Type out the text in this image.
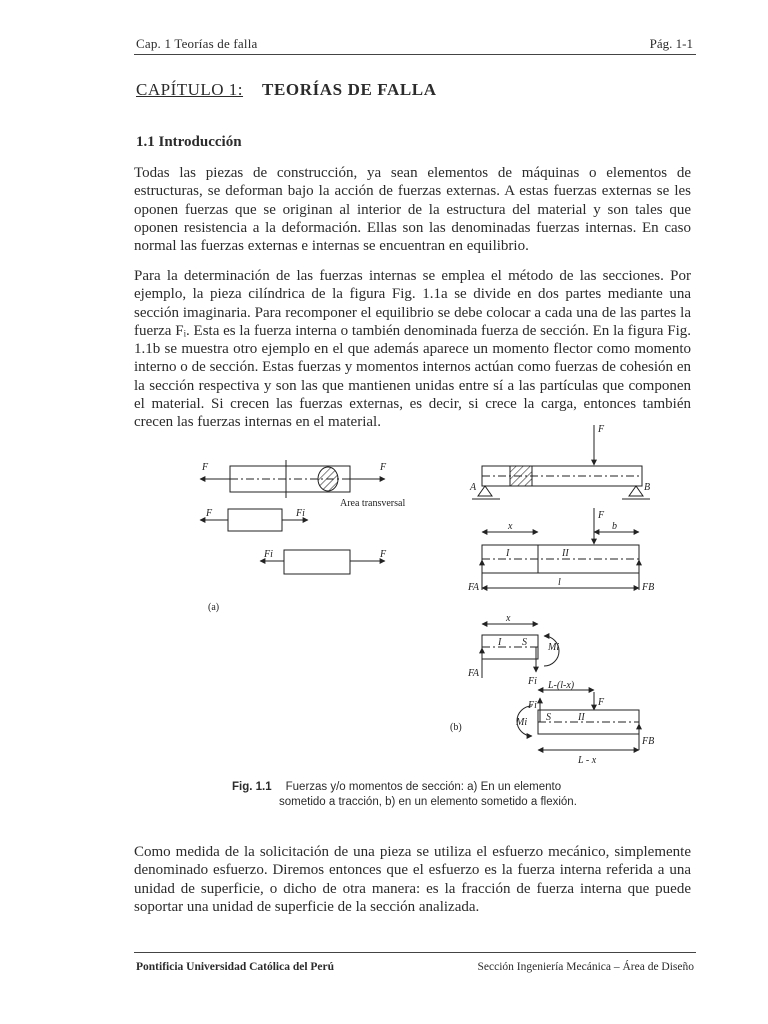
Cap. 1 Teorías de falla	Pág. 1-1
CAPÍTULO 1: TEORÍAS DE FALLA
1.1 Introducción

Todas las piezas de construcción, ya sean elementos de máquinas o elementos de estructuras, se deforman bajo la acción de fuerzas externas. A estas fuerzas externas se les oponen fuerzas que se originan al interior de la estructura del material y son tales que oponen resistencia a la deformación. Ellas son las denominadas fuerzas internas. En caso normal las fuerzas externas e internas se encuentran en equilibrio.

Para la determinación de las fuerzas internas se emplea el método de las secciones. Por ejemplo, la pieza cilíndrica de la figura Fig. 1.1a se divide en dos partes mediante una sección imaginaria. Para recomponer el equilibrio se debe colocar a cada una de las partes la fuerza Fᵢ. Esta es la fuerza interna o también denominada fuerza de sección. En la figura Fig. 1.1b se muestra otro ejemplo en el que además aparece un momento flector como momento interno o de sección. Estas fuerzas y momentos internos actúan como fuerzas de cohesión en la sección respectiva y son las que mantienen unidas entre sí a las partículas que componen el material. Si crecen las fuerzas externas, es decir, si crece la carga, entonces también crecen las fuerzas internas en el material.

F	F
F	Fi
Fi	F
Area transversal
(a)
F
A	B
x	b
F
I	II
FA	FB
l
x
I S Mi
FA
Fi L-(l-x)
F
Fi
Mi S	II
FB
L - x
(b)
Fig. 1.1 Fuerzas y/o momentos de sección: a) En un elemento
sometido a tracción, b) en un elemento sometido a flexión.

Como medida de la solicitación de una pieza se utiliza el esfuerzo mecánico, simplemente denominado esfuerzo. Diremos entonces que el esfuerzo es la fuerza interna referida a una unidad de superficie, o dicho de otra manera: es la fracción de fuerza interna que puede soportar una unidad de superficie de la sección analizada.

Pontificia Universidad Católica del Perú	Sección Ingeniería Mecánica – Área de Diseño
